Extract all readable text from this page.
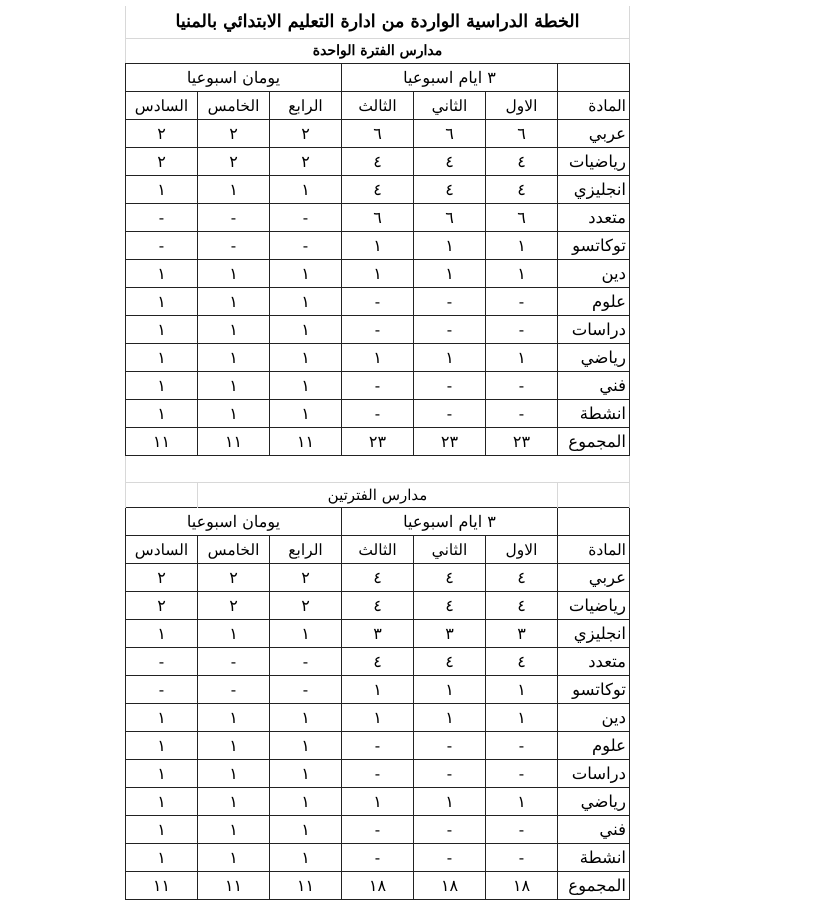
الخطة الدراسية الواردة من ادارة التعليم الابتدائي بالمنيا						
مدارس الفترة الواحدة						
	٣ ايام اسبوعيا			يومان اسبوعيا		
المادة	الاول	الثاني	الثالث	الرابع	الخامس	السادس
عربي	٦	٦	٦	٢	٢	٢
رياضيات	٤	٤	٤	٢	٢	٢
انجليزي	٤	٤	٤	١	١	١
متعدد	٦	٦	٦	-	-	-
توكاتسو	١	١	١	-	-	-
دين	١	١	١	١	١	١
علوم	-	-	-	١	١	١
دراسات	-	-	-	١	١	١
رياضي	١	١	١	١	١	١
فني	-	-	-	١	١	١
انشطة	-	-	-	١	١	١
المجموع	٢٣	٢٣	٢٣	١١	١١	١١

	مدارس الفترتين					
	٣ ايام اسبوعيا			يومان اسبوعيا		
المادة	الاول	الثاني	الثالث	الرابع	الخامس	السادس
عربي	٤	٤	٤	٢	٢	٢
رياضيات	٤	٤	٤	٢	٢	٢
انجليزي	٣	٣	٣	١	١	١
متعدد	٤	٤	٤	-	-	-
توكاتسو	١	١	١	-	-	-
دين	١	١	١	١	١	١
علوم	-	-	-	١	١	١
دراسات	-	-	-	١	١	١
رياضي	١	١	١	١	١	١
فني	-	-	-	١	١	١
انشطة	-	-	-	١	١	١
المجموع	١٨	١٨	١٨	١١	١١	١١
